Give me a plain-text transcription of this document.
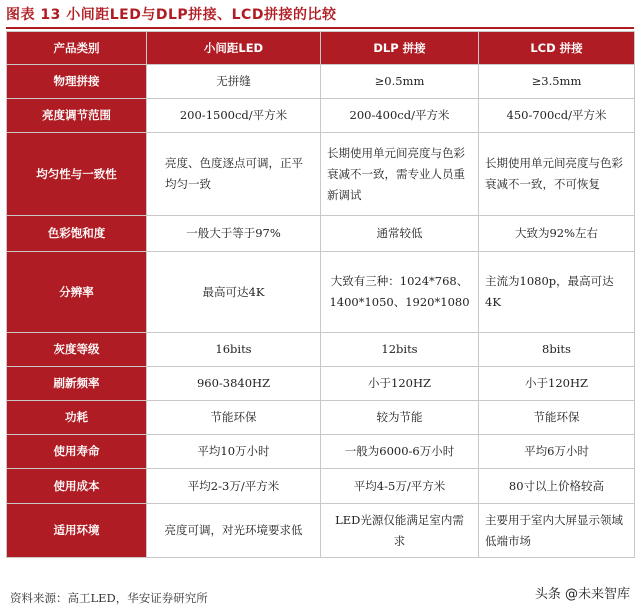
图表 13 小间距LED与DLP拼接、LCD拼接的比较
产品类别	小间距LED	DLP 拼接	LCD 拼接
物理拼接	无拼缝	≥0.5mm	≥3.5mm
亮度调节范围	200-1500cd/平方米	200-400cd/平方米	450-700cd/平方米
均匀性与一致性	亮度、色度逐点可调，正平均匀一致	长期使用单元间亮度与色彩衰减不一致，需专业人员重新调试	长期使用单元间亮度与色彩衰减不一致，不可恢复
色彩饱和度	一般大于等于97%	通常较低	大致为92%左右
分辨率	最高可达4K	大致有三种：1024*768、1400*1050、1920*1080	主流为1080p，最高可达4K
灰度等级	16bits	12bits	8bits
刷新频率	960-3840HZ	小于120HZ	小于120HZ
功耗	节能环保	较为节能	节能环保
使用寿命	平均10万小时	一般为6000-6万小时	平均6万小时
使用成本	平均2-3万/平方米	平均4-5万/平方米	80寸以上价格较高
适用环境	亮度可调，对光环境要求低	LED光源仅能满足室内需求	主要用于室内大屏显示领域低端市场
资料来源：高工LED，华安证券研究所	头条 @未来智库
